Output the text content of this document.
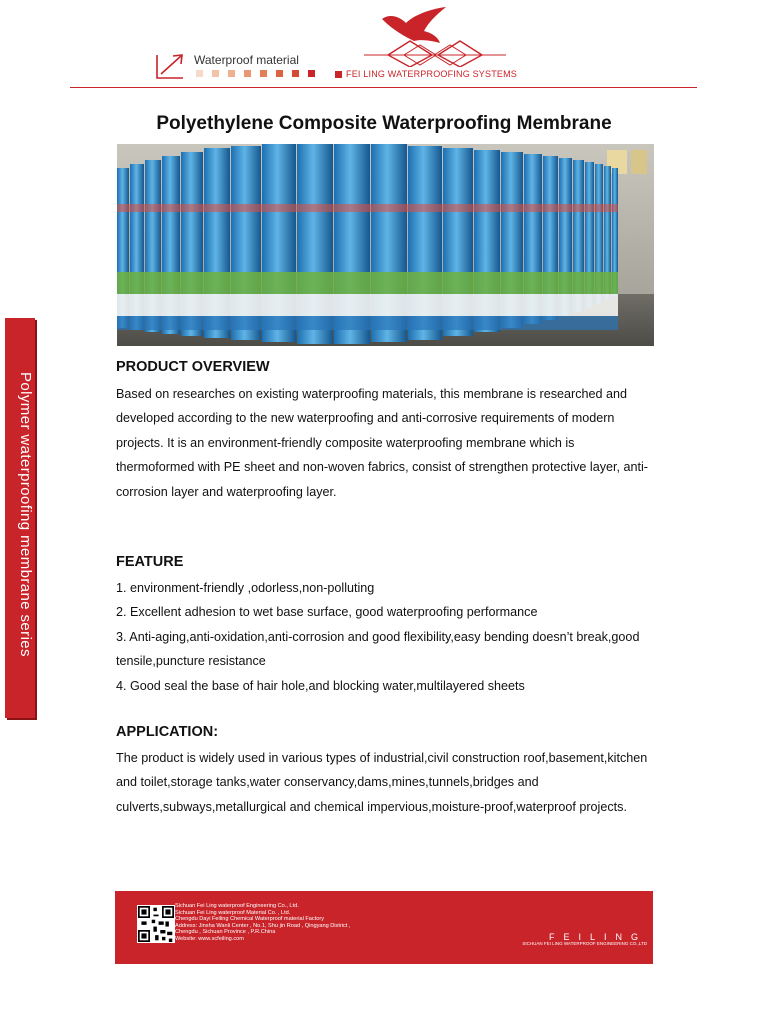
Waterproof material
FEI LING WATERPROOFING SYSTEMS
Polyethylene Composite Waterproofing Membrane
Polymer waterproofing membrane series
PRODUCT OVERVIEW
Based on researches on existing waterproofing materials, this membrane is researched and developed according to the new waterproofing and anti-corrosive requirements of modern projects. It is an environment-friendly composite waterproofing membrane which is thermoformed with PE sheet and non-woven fabrics, consist of strengthen protective layer, anti-corrosion layer and waterproofing layer.
FEATURE
1. environment-friendly ,odorless,non-polluting
2. Excellent adhesion to wet base surface, good waterproofing performance
3. Anti-aging,anti-oxidation,anti-corrosion and good flexibility,easy bending doesn’t break,good tensile,puncture resistance
4. Good seal the base of hair hole,and blocking water,multilayered sheets
APPLICATION:
The product is widely used in various types of industrial,civil construction roof,basement,kitchen and toilet,storage tanks,water conservancy,dams,mines,tunnels,bridges and culverts,subways,metallurgical and chemical impervious,moisture-proof,waterproof projects.
Sichuan Fei Ling waterproof Engineering Co., Ltd.
Sichuan Fei Ling waterproof Material Co. , Ltd.
Chengdu Dayi Feiling Chemical Waterproof material Factory
Address: Jinsha Wanli Center , No.1, Shu jin Road , Qingyang District ,
Chengdu , Sichuan Province , P.R.China
Website: www.scfeiling.com	FEILING
SICHUAN FEI LING WATERPROOF ENGINEERING CO.,LTD
